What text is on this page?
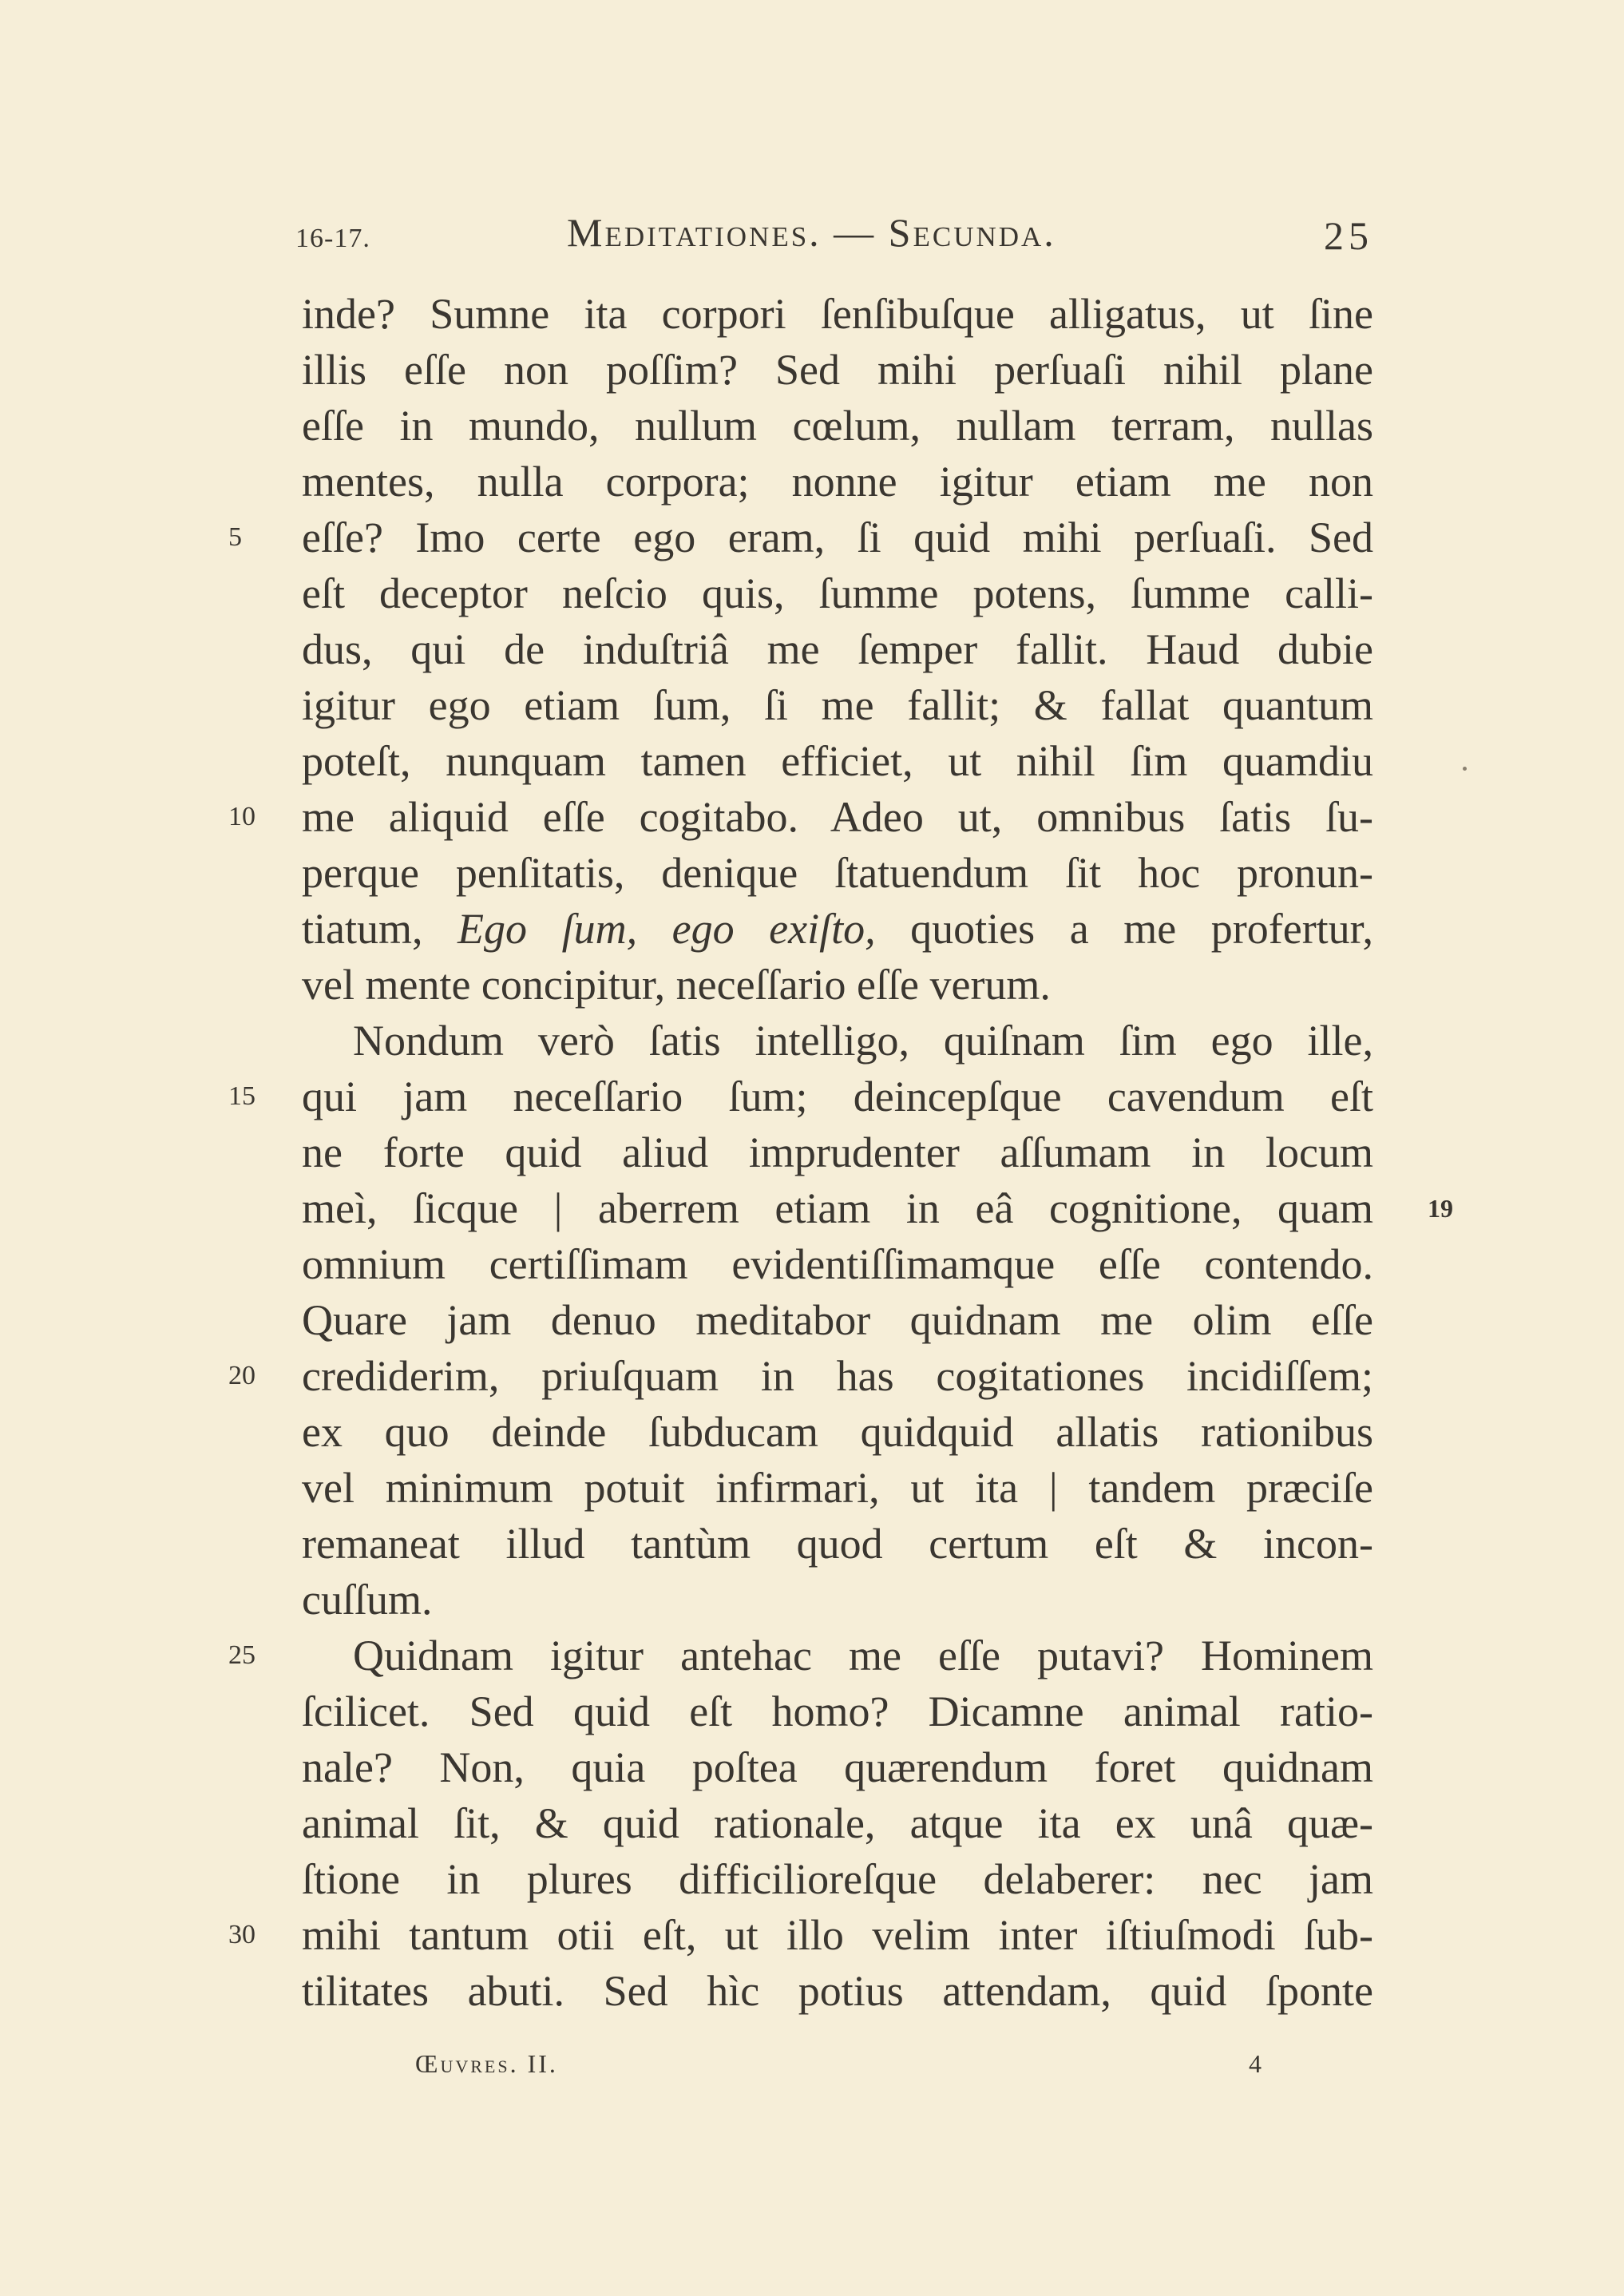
16-17.	Meditationes. — Secunda.	25
inde? Sumne ita corpori ſenſibuſque alligatus, ut ſine
illis eſſe non poſſim? Sed mihi perſuaſi nihil plane
eſſe in mundo, nullum cœlum, nullam terram, nullas
mentes, nulla corpora; nonne igitur etiam me non
5	eſſe? Imo certe ego eram, ſi quid mihi perſuaſi. Sed
eſt deceptor neſcio quis, ſumme potens, ſumme calli-
dus, qui de induſtriâ me ſemper fallit. Haud dubie
igitur ego etiam ſum, ſi me fallit; & fallat quantum
poteſt, nunquam tamen efficiet, ut nihil ſim quamdiu
10	me aliquid eſſe cogitabo. Adeo ut, omnibus ſatis ſu-
perque penſitatis, denique ſtatuendum ſit hoc pronun-
tiatum, Ego ſum, ego exiſto, quoties a me profertur,
vel mente concipitur, neceſſario eſſe verum.
Nondum verò ſatis intelligo, quiſnam ſim ego ille,
15	qui jam neceſſario ſum; deincepſque cavendum eſt
ne forte quid aliud imprudenter aſſumam in locum
19
meì, ſicque | aberrem etiam in eâ cognitione, quam
omnium certiſſimam evidentiſſimamque eſſe contendo.
Quare jam denuo meditabor quidnam me olim eſſe
20	crediderim, priuſquam in has cogitationes incidiſſem;
ex quo deinde ſubducam quidquid allatis rationibus
vel minimum potuit infirmari, ut ita | tandem præciſe
remaneat illud tantùm quod certum eſt & incon-
cuſſum.
25	Quidnam igitur antehac me eſſe putavi? Hominem
ſcilicet. Sed quid eſt homo? Dicamne animal ratio-
nale? Non, quia poſtea quærendum foret quidnam
animal ſit, & quid rationale, atque ita ex unâ quæ-
ſtione in plures difficilioreſque delaberer: nec jam
30	mihi tantum otii eſt, ut illo velim inter iſtiuſmodi ſub-
tilitates abuti. Sed hìc potius attendam, quid ſponte
Œuvres. II.	4
